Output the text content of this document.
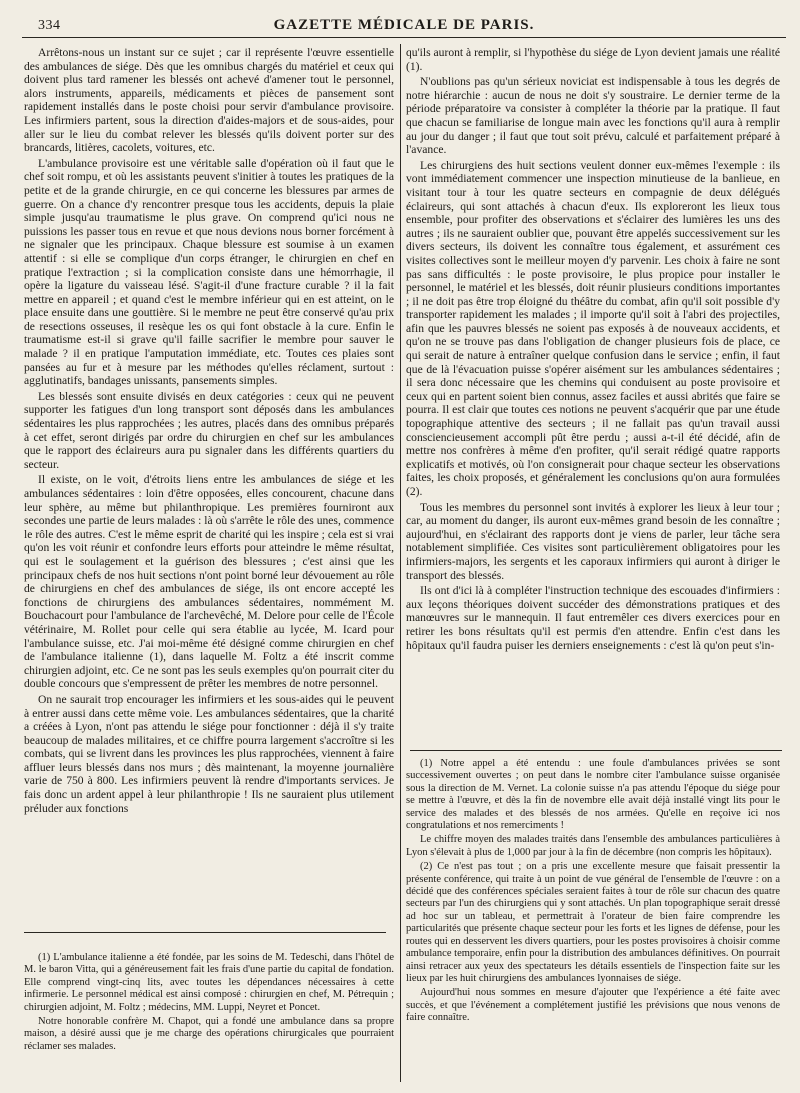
334	GAZETTE MÉDICALE DE PARIS.

Arrêtons-nous un instant sur ce sujet ; car il représente l'œuvre essentielle des ambulances de siége. Dès que les omnibus chargés du matériel et ceux qui doivent plus tard ramener les blessés ont achevé d'amener tout le personnel, alors instruments, appareils, médicaments et pièces de pansement sont rapidement installés dans le poste choisi pour servir d'ambulance provisoire. Les infirmiers partent, sous la direction d'aides-majors et de sous-aides, pour aller sur le lieu du combat relever les blessés qu'ils doivent porter sur des brancards, litières, cacolets, voitures, etc.

L'ambulance provisoire est une véritable salle d'opération où il faut que le chef soit rompu, et où les assistants peuvent s'initier à toutes les pratiques de la petite et de la grande chirurgie, en ce qui concerne les blessures par armes de guerre. On a chance d'y rencontrer presque tous les accidents, depuis la plaie simple jusqu'au traumatisme le plus grave. On comprend qu'ici nous ne puissions les passer tous en revue et que nous devions nous borner forcément à ne signaler que les principaux. Chaque blessure est soumise à un examen attentif : si elle se complique d'un corps étranger, le chirurgien en chef en pratique l'extraction ; si la complication consiste dans une hémorrhagie, il opère la ligature du vaisseau lésé. S'agit-il d'une fracture curable ? il la fait mettre en appareil ; et quand c'est le membre inférieur qui en est atteint, on le place ensuite dans une gouttière. Si le membre ne peut être conservé qu'au prix de resections osseuses, il resèque les os qui font obstacle à la cure. Enfin le traumatisme est-il si grave qu'il faille sacrifier le membre pour sauver le malade ? il en pratique l'amputation immédiate, etc. Toutes ces plaies sont pansées au fur et à mesure par les méthodes qu'elles réclament, surtout : agglutinatifs, bandages unissants, pansements simples.

Les blessés sont ensuite divisés en deux catégories : ceux qui ne peuvent supporter les fatigues d'un long transport sont déposés dans les ambulances sédentaires les plus rapprochées ; les autres, placés dans des omnibus préparés à cet effet, seront dirigés par ordre du chirurgien en chef sur les ambulances que le rapport des éclaireurs aura pu signaler dans les différents quartiers du secteur.

Il existe, on le voit, d'étroits liens entre les ambulances de siége et les ambulances sédentaires : loin d'être opposées, elles concourent, chacune dans leur sphère, au même but philanthropique. Les premières fourniront aux secondes une partie de leurs malades : là où s'arrête le rôle des unes, commence le rôle des autres. C'est le même esprit de charité qui les inspire ; cela est si vrai qu'on les voit réunir et confondre leurs efforts pour atteindre le même résultat, qui est le soulagement et la guérison des blessures ; c'est ainsi que les principaux chefs de nos huit sections n'ont point borné leur dévouement au rôle de chirurgiens en chef des ambulances de siége, ils ont encore accepté les fonctions de chirurgiens des ambulances sédentaires, nommément M. Bouchacourt pour l'ambulance de l'archevêché, M. Delore pour celle de l'École vétérinaire, M. Rollet pour celle qui sera établie au lycée, M. Icard pour l'ambulance suisse, etc. J'ai moi-même été désigné comme chirurgien en chef de l'ambulance italienne (1), dans laquelle M. Foltz a été inscrit comme chirurgien adjoint, etc. Ce ne sont pas les seuls exemples qu'on pourrait citer du double concours que s'empressent de prêter les membres de notre personnel.

On ne saurait trop encourager les infirmiers et les sous-aides qui le peuvent à entrer aussi dans cette même voie. Les ambulances sédentaires, que la charité a créées à Lyon, n'ont pas attendu le siége pour fonctionner : déjà il s'y traite beaucoup de malades militaires, et ce chiffre pourra largement s'accroître si les combats, qui se livrent dans les provinces les plus rapprochées, viennent à faire affluer leurs blessés dans nos murs ; dès maintenant, la moyenne journalière varie de 750 à 800. Les infirmiers peuvent là rendre d'importants services. Je fais donc un ardent appel à leur philanthropie ! Ils ne sauraient plus utilement préluder aux fonctions

(1) L'ambulance italienne a été fondée, par les soins de M. Tedeschi, dans l'hôtel de M. le baron Vitta, qui a généreusement fait les frais d'une partie du capital de fondation. Elle comprend vingt-cinq lits, avec toutes les dépendances nécessaires à cette infirmerie. Le personnel médical est ainsi composé : chirurgien en chef, M. Pétrequin ; chirurgien adjoint, M. Foltz ; médecins, MM. Luppi, Neyret et Poncet.

Notre honorable confrère M. Chapot, qui a fondé une ambulance dans sa propre maison, a désiré aussi que je me charge des opérations chirurgicales que pourraient réclamer ses malades.

qu'ils auront à remplir, si l'hypothèse du siége de Lyon devient jamais une réalité (1).

N'oublions pas qu'un sérieux noviciat est indispensable à tous les degrés de notre hiérarchie : aucun de nous ne doit s'y soustraire. Le dernier terme de la période préparatoire va consister à compléter la théorie par la pratique. Il faut que chacun se familiarise de longue main avec les fonctions qu'il aura à remplir au jour du danger ; il faut que tout soit prévu, calculé et parfaitement préparé à l'avance.

Les chirurgiens des huit sections veulent donner eux-mêmes l'exemple : ils vont immédiatement commencer une inspection minutieuse de la banlieue, en visitant tour à tour les quatre secteurs en compagnie de deux délégués éclaireurs, qui sont attachés à chacun d'eux. Ils exploreront les lieux tous ensemble, pour profiter des observations et s'éclairer des lumières les uns des autres ; ils ne sauraient oublier que, pouvant être appelés successivement sur les divers secteurs, ils doivent les connaître tous également, et assurément ces visites collectives sont le meilleur moyen d'y parvenir. Les choix à faire ne sont pas sans difficultés : le poste provisoire, le plus propice pour installer le personnel, le matériel et les blessés, doit réunir plusieurs conditions importantes ; il ne doit pas être trop éloigné du théâtre du combat, afin qu'il soit possible d'y transporter rapidement les malades ; il importe qu'il soit à l'abri des projectiles, afin que les pauvres blessés ne soient pas exposés à de nouveaux accidents, et qu'on ne se trouve pas dans l'obligation de changer plusieurs fois de place, ce qui serait de nature à entraîner quelque confusion dans le service ; enfin, il faut que de là l'évacuation puisse s'opérer aisément sur les ambulances sédentaires ; il sera donc nécessaire que les chemins qui conduisent au poste provisoire et ceux qui en partent soient bien connus, assez faciles et aussi abrités que faire se pourra. Il est clair que toutes ces notions ne peuvent s'acquérir que par une étude topographique attentive des secteurs ; il ne fallait pas qu'un travail aussi consciencieusement accompli pût être perdu ; aussi a-t-il été décidé, afin de mettre nos confrères à même d'en profiter, qu'il serait rédigé quatre rapports explicatifs et motivés, où l'on consignerait pour chaque secteur les observations faites, les choix proposés, et généralement les conclusions qu'on aura formulées (2).

Tous les membres du personnel sont invités à explorer les lieux à leur tour ; car, au moment du danger, ils auront eux-mêmes grand besoin de les connaître ; aujourd'hui, en s'éclairant des rapports dont je viens de parler, leur tâche sera notablement simplifiée. Ces visites sont particulièrement obligatoires pour les infirmiers-majors, les sergents et les caporaux infirmiers qui auront à diriger le transport des blessés.

Ils ont d'ici là à compléter l'instruction technique des escouades d'infirmiers : aux leçons théoriques doivent succéder des démonstrations pratiques et des manœuvres sur le mannequin. Il faut entremêler ces divers exercices pour en retirer les bons résultats qu'il est permis d'en attendre. Enfin c'est dans les hôpitaux qu'il faudra puiser les derniers enseignements : c'est là qu'on peut s'in-

(1) Notre appel a été entendu : une foule d'ambulances privées se sont successivement ouvertes ; on peut dans le nombre citer l'ambulance suisse organisée sous la direction de M. Vernet. La colonie suisse n'a pas attendu l'époque du siége pour se mettre à l'œuvre, et dès la fin de novembre elle avait déjà installé vingt lits pour le service des malades et des blessés de nos armées. Qu'elle en reçoive ici nos congratulations et nos remerciments !

Le chiffre moyen des malades traités dans l'ensemble des ambulances particulières à Lyon s'élevait à plus de 1,000 par jour à la fin de décembre (non compris les hôpitaux).

(2) Ce n'est pas tout ; on a pris une excellente mesure que faisait pressentir la présente conférence, qui traite à un point de vue général de l'ensemble de l'œuvre : on a décidé que des conférences spéciales seraient faites à tour de rôle sur chacun des quatre secteurs par l'un des chirurgiens qui y sont attachés. Un plan topographique serait dressé ad hoc sur un tableau, et permettrait à l'orateur de bien faire comprendre les particularités que présente chaque secteur pour les forts et les lignes de défense, pour les routes qui en desservent les divers quartiers, pour les postes provisoires à choisir comme ambulance temporaire, enfin pour la distribution des ambulances définitives. On pourrait ainsi retracer aux yeux des spectateurs les détails essentiels de l'inspection faite sur les lieux par les huit chirurgiens des ambulances lyonnaises de siége.

Aujourd'hui nous sommes en mesure d'ajouter que l'expérience a été faite avec succès, et que l'événement a complétement justifié les prévisions que nous venons de faire connaître.
